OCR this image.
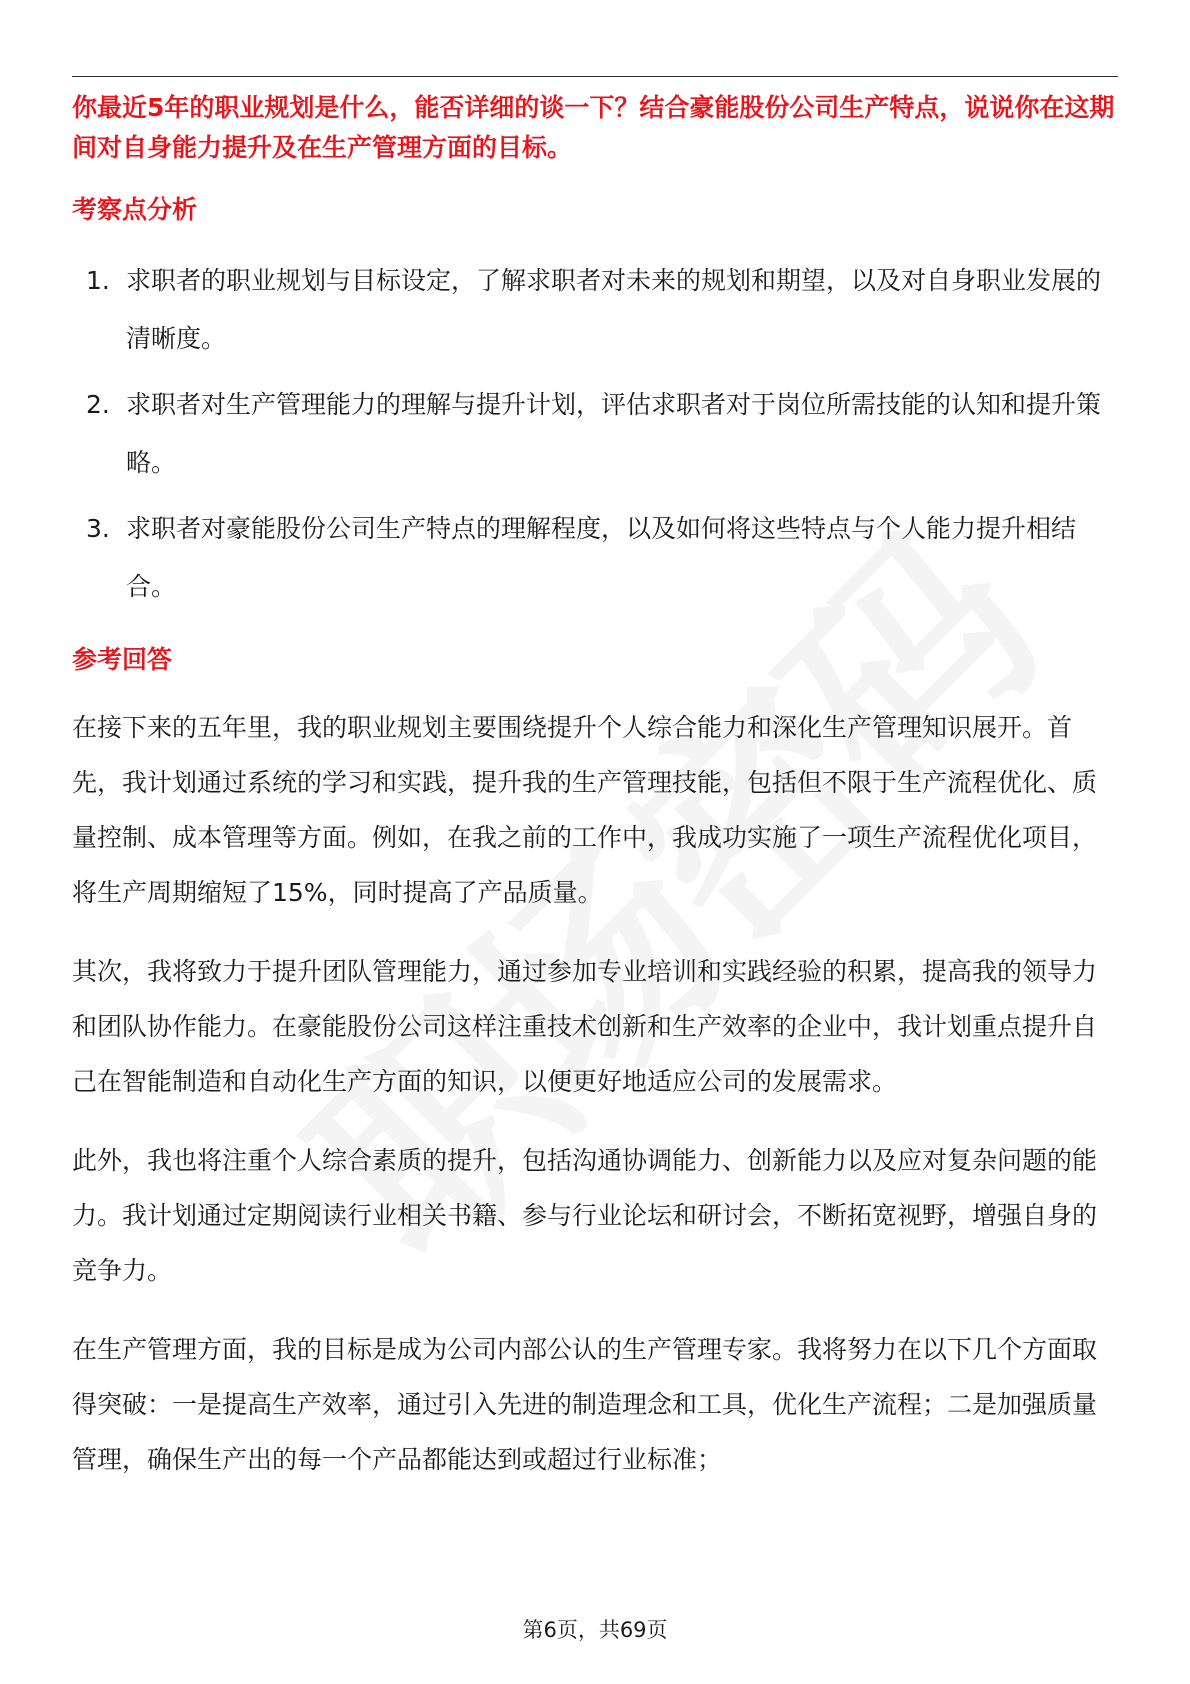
你最近5年的职业规划是什么，能否详细的谈一下？结合豪能股份公司生产特点，说说你在这期间对自身能力提升及在生产管理方面的目标。

考察点分析

1. 求职者的职业规划与目标设定，了解求职者对未来的规划和期望，以及对自身职业发展的清晰度。
2. 求职者对生产管理能力的理解与提升计划，评估求职者对于岗位所需技能的认知和提升策略。
3. 求职者对豪能股份公司生产特点的理解程度，以及如何将这些特点与个人能力提升相结合。

参考回答

在接下来的五年里，我的职业规划主要围绕提升个人综合能力和深化生产管理知识展开。首先，我计划通过系统的学习和实践，提升我的生产管理技能，包括但不限于生产流程优化、质量控制、成本管理等方面。例如，在我之前的工作中，我成功实施了一项生产流程优化项目，将生产周期缩短了15%，同时提高了产品质量。

其次，我将致力于提升团队管理能力，通过参加专业培训和实践经验的积累，提高我的领导力和团队协作能力。在豪能股份公司这样注重技术创新和生产效率的企业中，我计划重点提升自己在智能制造和自动化生产方面的知识，以便更好地适应公司的发展需求。

此外，我也将注重个人综合素质的提升，包括沟通协调能力、创新能力以及应对复杂问题的能力。我计划通过定期阅读行业相关书籍、参与行业论坛和研讨会，不断拓宽视野，增强自身的竞争力。

在生产管理方面，我的目标是成为公司内部公认的生产管理专家。我将努力在以下几个方面取得突破：一是提高生产效率，通过引入先进的制造理念和工具，优化生产流程；二是加强质量管理，确保生产出的每一个产品都能达到或超过行业标准；

第6页，共69页
